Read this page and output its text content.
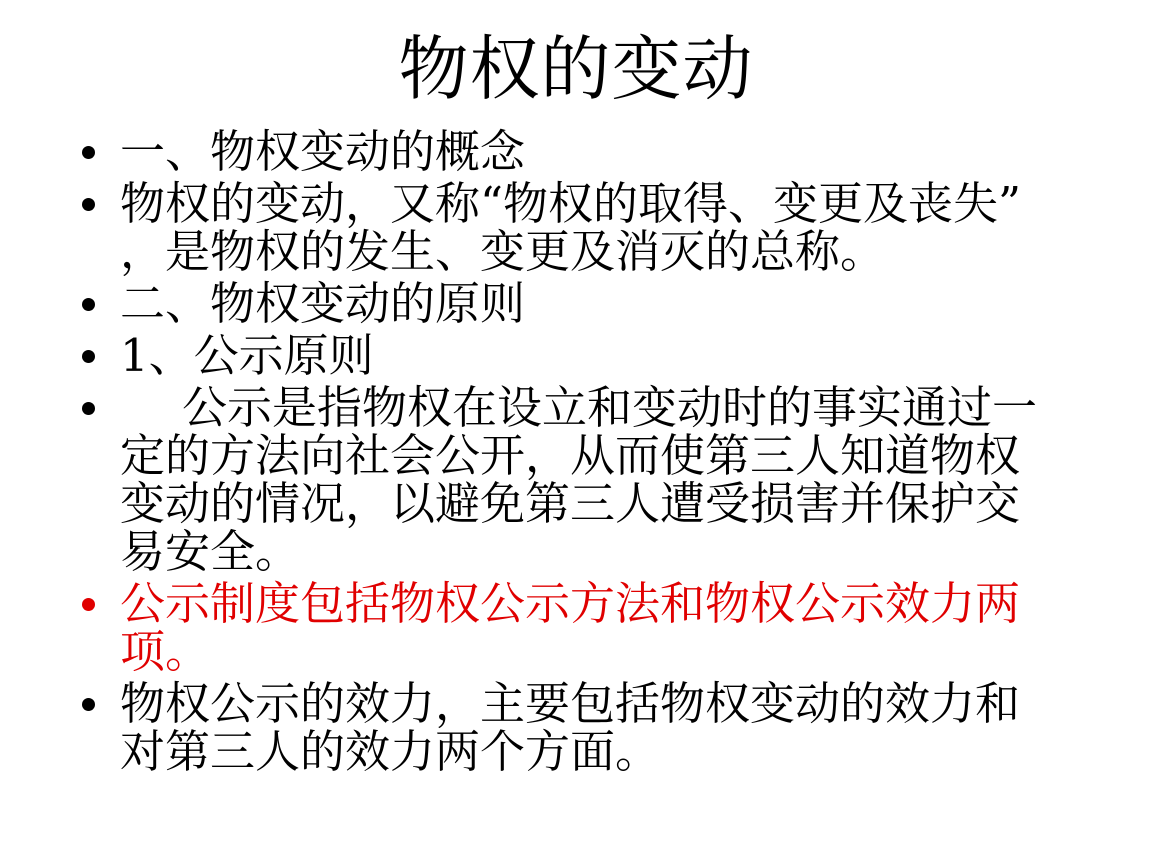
物权的变动
一、物权变动的概念
物权的变动，又称“物权的取得、变更及丧失”
，是物权的发生、变更及消灭的总称。
二、物权变动的原则
1、公示原则
公示是指物权在设立和变动时的事实通过一
定的方法向社会公开，从而使第三人知道物权
变动的情况，以避免第三人遭受损害并保护交
易安全。
公示制度包括物权公示方法和物权公示效力两
项。
物权公示的效力，主要包括物权变动的效力和
对第三人的效力两个方面。
